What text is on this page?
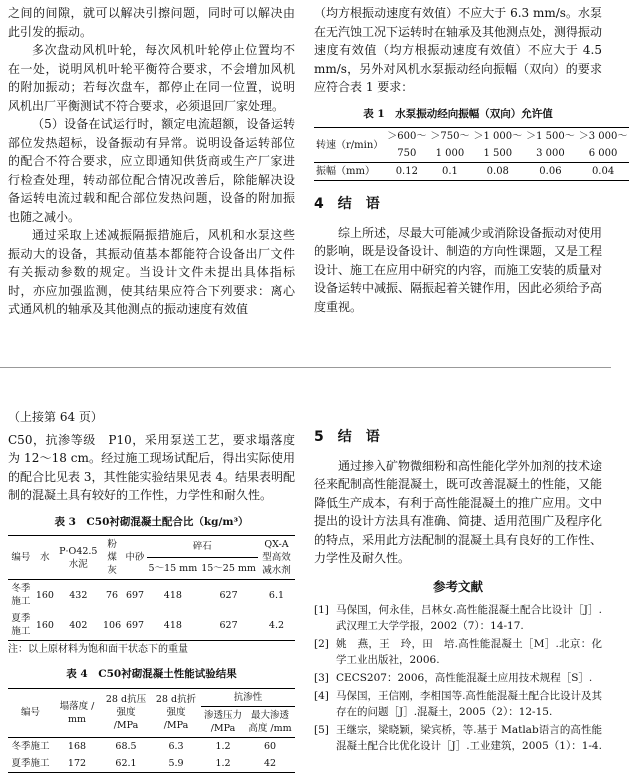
之间的间隙，就可以解决引擦问题，同时可以解决由此引发的振动。

多次盘动风机叶轮，每次风机叶轮停止位置均不在一处，说明风机叶轮平衡符合要求，不会增加风机的附加振动；若每次盘车，都停止在同一位置，说明风机出厂平衡测试不符合要求，必须退回厂家处理。

（5）设备在试运行时，额定电流超额，设备运转部位发热超标，设备振动有异常。说明设备运转部位的配合不符合要求，应立即通知供货商或生产厂家进行检查处理，转动部位配合情况改善后，除能解决设备运转电流过载和配合部位发热问题，设备的附加振也随之减小。

通过采取上述减振隔振措施后，风机和水泵这些振动大的设备，其振动值基本都能符合设备出厂文件有关振动参数的规定。当设计文件未提出具体指标时，亦应加强监测，使其结果应符合下列要求：离心式通风机的轴承及其他测点的振动速度有效值

（均方根振动速度有效值）不应大于 6.3 mm/s。水泵在无汽蚀工况下运转时在轴承及其他测点处，测得振动速度有效值（均方根振动速度有效值）不应大于 4.5 mm/s，另外对风机水泵振动经向振幅（双向）的要求应符合表 1 要求：

表 1　水泵振动经向振幅（双向）允许值
转速（r/min）	＞600～	＞750～	＞1 000～	＞1 500～	＞3 000～
	750	1 000	1 500	3 000	6 000
振幅（mm）	0.12	0.1	0.08	0.06	0.04
4　结　语

综上所述，尽最大可能减少或消除设备振动对使用的影响，既是设备设计、制造的方向性课题，又是工程设计、施工在应用中研究的内容，而施工安装的质量对设备运转中减振、隔振起着关键作用，因此必须给予高度重视。

（上接第 64 页）

C50，抗渗等级　P10，采用泵送工艺，要求塌落度为 12～18 cm。经过施工现场试配后，得出实际使用的配合比见表 3，其性能实验结果见表 4。结果表明配制的混凝土具有较好的工作性，力学性和耐久性。

表 3　C50衬砌混凝土配合比（kg/m³）
编号	水	P·O42.5 水泥	粉煤灰	中砂	碎石		QX-A型高效减水剂
					5～15 mm	15～25 mm	
冬季施工	160	432	76	697	418	627	6.1
夏季施工	160	402	106	697	418	627	4.2
注：以上原材料为饱和面干状态下的重量
表 4　C50衬砌混凝土性能试验结果
编号	塌落度 / mm	28 d抗压强度 /MPa	28 d抗折强度 /MPa	抗渗性	
				渗透压力 /MPa	最大渗透高度 /mm
冬季施工	168	68.5	6.3	1.2	60
夏季施工	172	62.1	5.9	1.2	42
5　结　语

通过掺入矿物微细粉和高性能化学外加剂的技术途径来配制高性能混凝土，既可改善混凝土的性能，又能降低生产成本，有利于高性能混凝土的推广应用。文中提出的设计方法具有准确、简捷、适用范围广及程序化的特点，采用此方法配制的混凝土具有良好的工作性、力学性及耐久性。

参考文献
[1] 马保国，何永佳，吕林女.高性能混凝土配合比设计［J］.武汉理工大学学报，2002（7）：14-17.
[2] 姚　燕，王　玲，田　培.高性能混凝土［M］.北京：化学工业出版社，2006.
[3] CECS207：2006，高性能混凝土应用技术规程［S］.
[4] 马保国，王信刚，李相国等.高性能混凝土配合比设计及其存在的问题［J］.混凝土，2005（2）：12-15.
[5] 王继宗，梁晓颖，梁宾桥，等.基于 Matlab语言的高性能混凝土配合比优化设计［J］.工业建筑，2005（1）：1-4.
